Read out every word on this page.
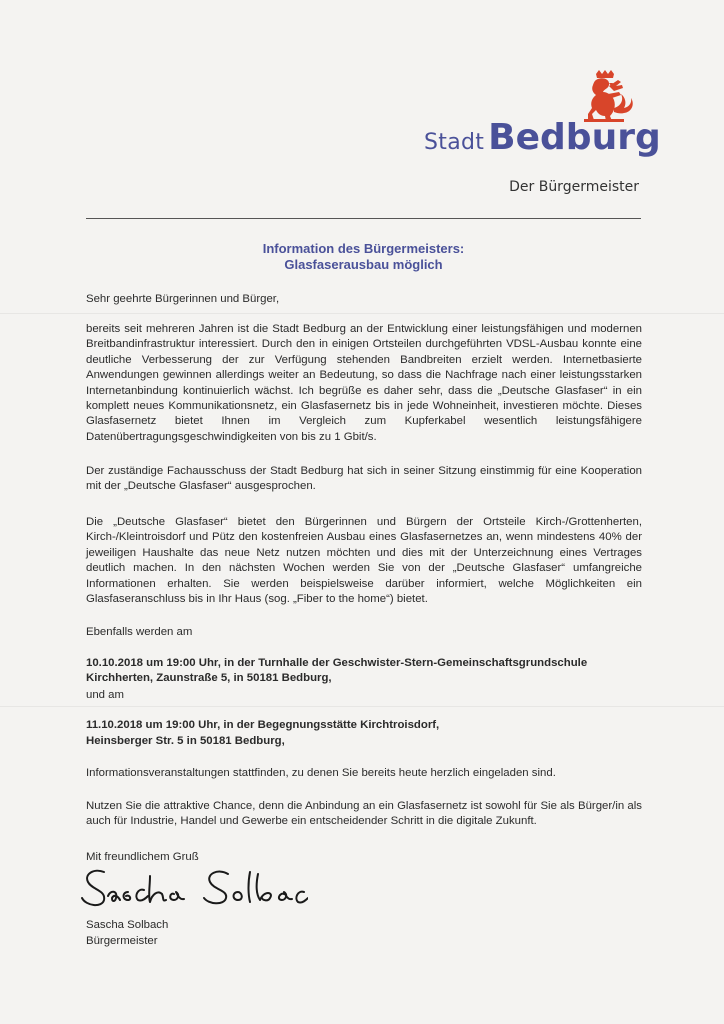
Stadt Bedburg
Der Bürgermeister
Information des Bürgermeisters:
Glasfaserausbau möglich
Sehr geehrte Bürgerinnen und Bürger,
bereits seit mehreren Jahren ist die Stadt Bedburg an der Entwicklung einer leistungsfähigen und modernen Breitbandinfrastruktur interessiert. Durch den in einigen Ortsteilen durchgeführten VDSL-Ausbau konnte eine deutliche Verbesserung der zur Verfügung stehenden Bandbreiten erzielt werden. Internetbasierte Anwendungen gewinnen allerdings weiter an Bedeutung, so dass die Nachfrage nach einer leistungsstarken Internetanbindung kontinuierlich wächst. Ich begrüße es daher sehr, dass die „Deutsche Glasfaser“ in ein komplett neues Kommunikationsnetz, ein Glasfasernetz bis in jede Wohneinheit, investieren möchte. Dieses Glasfasernetz bietet Ihnen im Vergleich zum Kupferkabel wesentlich leistungsfähigere Datenübertragungsgeschwindigkeiten von bis zu 1 Gbit/s.
Der zuständige Fachausschuss der Stadt Bedburg hat sich in seiner Sitzung einstimmig für eine Kooperation mit der „Deutsche Glasfaser“ ausgesprochen.
Die „Deutsche Glasfaser“ bietet den Bürgerinnen und Bürgern der Ortsteile Kirch-/Grottenherten, Kirch-/Kleintroisdorf und Pütz den kostenfreien Ausbau eines Glasfasernetzes an, wenn mindestens 40% der jeweiligen Haushalte das neue Netz nutzen möchten und dies mit der Unterzeichnung eines Vertrages deutlich machen. In den nächsten Wochen werden Sie von der „Deutsche Glasfaser“ umfangreiche Informationen erhalten. Sie werden beispielsweise darüber informiert, welche Möglichkeiten ein Glasfaseranschluss bis in Ihr Haus (sog. „Fiber to the home“) bietet.
Ebenfalls werden am
10.10.2018 um 19:00 Uhr, in der Turnhalle der Geschwister-Stern-Gemeinschaftsgrundschule Kirchherten, Zaunstraße 5, in 50181 Bedburg,
und am
11.10.2018 um 19:00 Uhr, in der Begegnungsstätte Kirchtroisdorf,
Heinsberger Str. 5 in 50181 Bedburg,
Informationsveranstaltungen stattfinden, zu denen Sie bereits heute herzlich eingeladen sind.
Nutzen Sie die attraktive Chance, denn die Anbindung an ein Glasfasernetz ist sowohl für Sie als Bürger/in als auch für Industrie, Handel und Gewerbe ein entscheidender Schritt in die digitale Zukunft.
Mit freundlichem Gruß
Sascha Solbach
Bürgermeister
